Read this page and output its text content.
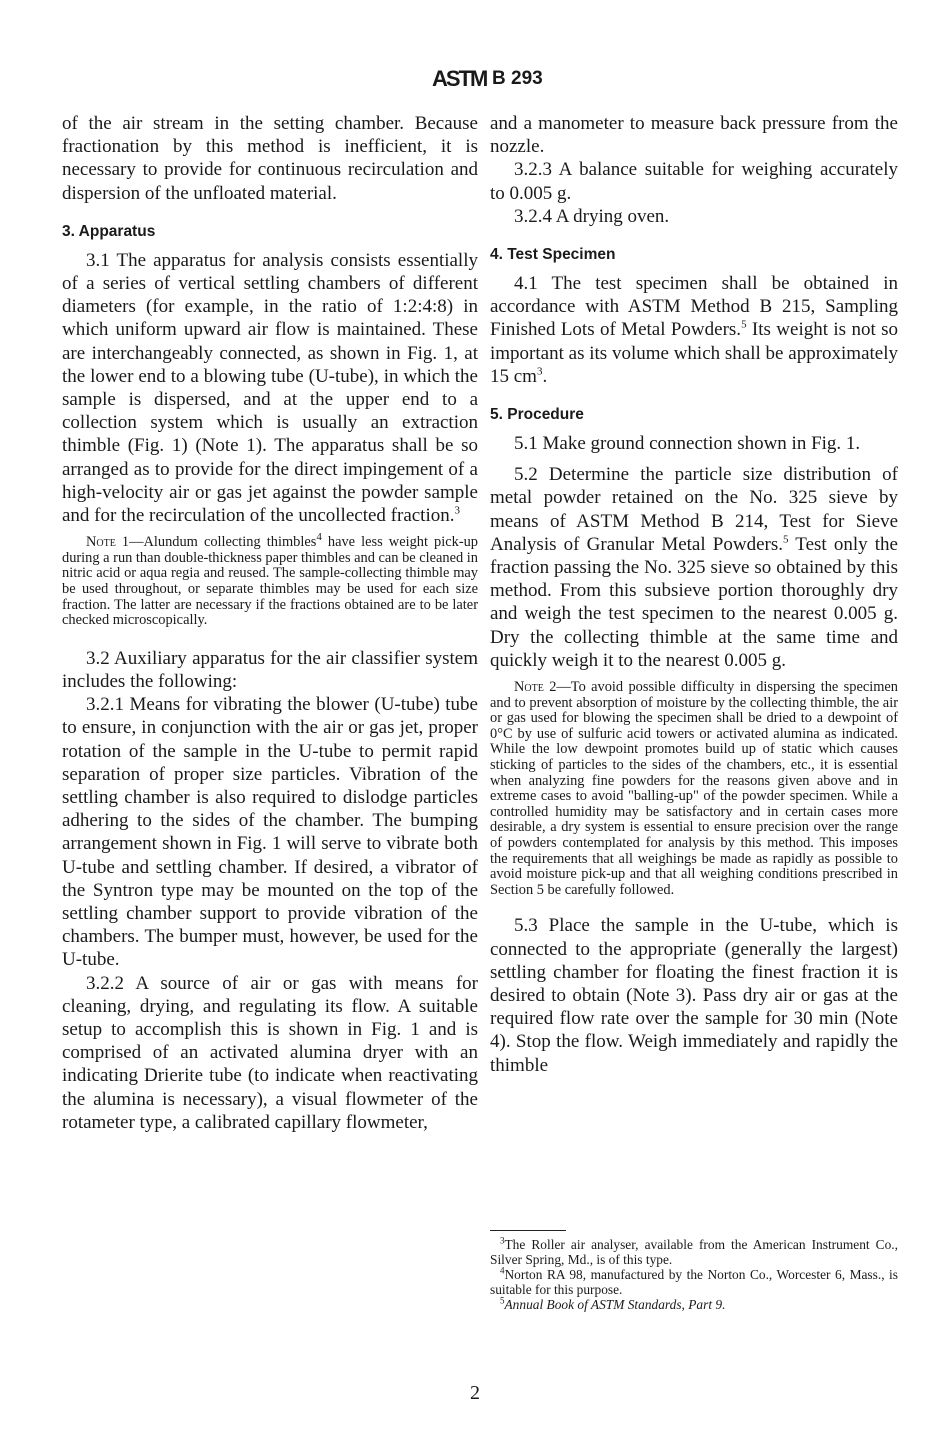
ASTM B 293

of the air stream in the setting chamber. Because fractionation by this method is inefficient, it is necessary to provide for continuous recirculation and dispersion of the unfloated material.

3. Apparatus

3.1 The apparatus for analysis consists essentially of a series of vertical settling chambers of different diameters (for example, in the ratio of 1:2:4:8) in which uniform upward air flow is maintained. These are interchangeably connected, as shown in Fig. 1, at the lower end to a blowing tube (U-tube), in which the sample is dispersed, and at the upper end to a collection system which is usually an extraction thimble (Fig. 1) (Note 1). The apparatus shall be so arranged as to provide for the direct impingement of a high-velocity air or gas jet against the powder sample and for the recirculation of the uncollected fraction.$^3$

Note 1—Alundum collecting thimbles$^4$ have less weight pick-up during a run than double-thickness paper thimbles and can be cleaned in nitric acid or aqua regia and reused. The sample-collecting thimble may be used throughout, or separate thimbles may be used for each size fraction. The latter are necessary if the fractions obtained are to be later checked microscopically.

3.2 Auxiliary apparatus for the air classifier system includes the following:

3.2.1 Means for vibrating the blower (U-tube) tube to ensure, in conjunction with the air or gas jet, proper rotation of the sample in the U-tube to permit rapid separation of proper size particles. Vibration of the settling chamber is also required to dislodge particles adhering to the sides of the chamber. The bumping arrangement shown in Fig. 1 will serve to vibrate both U-tube and settling chamber. If desired, a vibrator of the Syntron type may be mounted on the top of the settling chamber support to provide vibration of the chambers. The bumper must, however, be used for the U-tube.

3.2.2 A source of air or gas with means for cleaning, drying, and regulating its flow. A suitable setup to accomplish this is shown in Fig. 1 and is comprised of an activated alumina dryer with an indicating Drierite tube (to indicate when reactivating the alumina is necessary), a visual flowmeter of the rotameter type, a calibrated capillary flowmeter,

and a manometer to measure back pressure from the nozzle.

3.2.3 A balance suitable for weighing accurately to 0.005 g.

3.2.4 A drying oven.

4. Test Specimen

4.1 The test specimen shall be obtained in accordance with ASTM Method B 215, Sampling Finished Lots of Metal Powders.$^5$ Its weight is not so important as its volume which shall be approximately 15 $cm^3$.

5. Procedure

5.1 Make ground connection shown in Fig. 1.

5.2 Determine the particle size distribution of metal powder retained on the No. 325 sieve by means of ASTM Method B 214, Test for Sieve Analysis of Granular Metal Powders.$^5$ Test only the fraction passing the No. 325 sieve so obtained by this method. From this subsieve portion thoroughly dry and weigh the test specimen to the nearest 0.005 g. Dry the collecting thimble at the same time and quickly weigh it to the nearest 0.005 g.

Note 2—To avoid possible difficulty in dispersing the specimen and to prevent absorption of moisture by the collecting thimble, the air or gas used for blowing the specimen shall be dried to a dewpoint of 0°C by use of sulfuric acid towers or activated alumina as indicated. While the low dewpoint promotes build up of static which causes sticking of particles to the sides of the chambers, etc., it is essential when analyzing fine powders for the reasons given above and in extreme cases to avoid "balling-up" of the powder specimen. While a controlled humidity may be satisfactory and in certain cases more desirable, a dry system is essential to ensure precision over the range of powders contemplated for analysis by this method. This imposes the requirements that all weighings be made as rapidly as possible to avoid moisture pick-up and that all weighing conditions prescribed in Section 5 be carefully followed.

5.3 Place the sample in the U-tube, which is connected to the appropriate (generally the largest) settling chamber for floating the finest fraction it is desired to obtain (Note 3). Pass dry air or gas at the required flow rate over the sample for 30 min (Note 4). Stop the flow. Weigh immediately and rapidly the thimble

$^3$The Roller air analyser, available from the American Instrument Co., Silver Spring, Md., is of this type.

$^4$Norton RA 98, manufactured by the Norton Co., Worcester 6, Mass., is suitable for this purpose.

$^5$Annual Book of ASTM Standards, Part 9.

2
